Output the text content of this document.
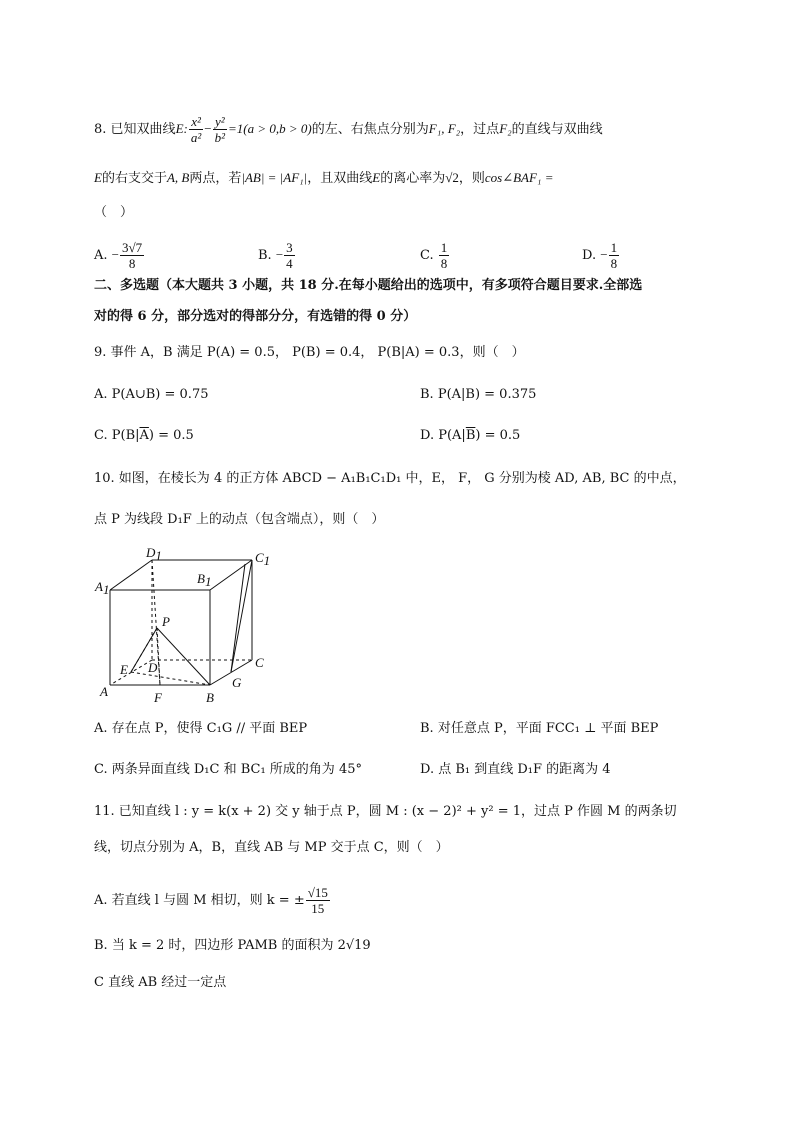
8. 已知双曲线E: $\frac{\text{x²}}{\text{a²}} - \frac{\text{y²}}{\text{b²}} =1(a > 0,b > 0)$的左、右焦点分别为F₁, F₂，过点F₂的直线与双曲线
E的右支交于A, B两点，若|AB| = |AF₁|，且双曲线E的离心率为√2，则cos∠BAF₁ =
（　）
A. − $\frac{3√7}{8}$	B. − $\frac{3}{4}$	C. $\frac{1}{8}$	D. − $\frac{1}{8}$
二、多选题（本大题共 3 小题，共 18 分.在每小题给出的选项中，有多项符合题目要求.全部选
对的得 6 分，部分选对的得部分分，有选错的得 0 分）
9. 事件 A，B 满足 P(A) = 0.5， P(B) = 0.4， P(B|A) = 0.3，则（　）
A. P(A∪B) = 0.75	B. P(A|B) = 0.375
C. $P(B|\overline{A}) = 0.5$	D. $P(A|\overline{B}) = 0.5$
10. 如图，在棱长为 4 的正方体 ABCD − A₁B₁C₁D₁ 中，E， F， G 分别为棱 AD, AB, BC 的中点，
点 P 为线段 D₁F 上的动点（包含端点），则（　）
D1	C1
A1
B1
P
E D	C
G
A	F	B
A. 存在点 P，使得 C₁G // 平面 BEP	B. 对任意点 P，平面 FCC₁ ⊥ 平面 BEP
C. 两条异面直线 D₁C 和 BC₁ 所成的角为 45°	D. 点 B₁ 到直线 D₁F 的距离为 4
11. 已知直线 l : y = k(x + 2) 交 y 轴于点 P，圆 M : (x − 2)² + y² = 1，过点 P 作圆 M 的两条切
线，切点分别为 A，B，直线 AB 与 MP 交于点 C，则（　）
A. 若直线 l 与圆 M 相切，则 k = ± $\frac{√15}{15}$
B. 当 k = 2 时，四边形 PAMB 的面积为 2√19
C 直线 AB 经过一定点
